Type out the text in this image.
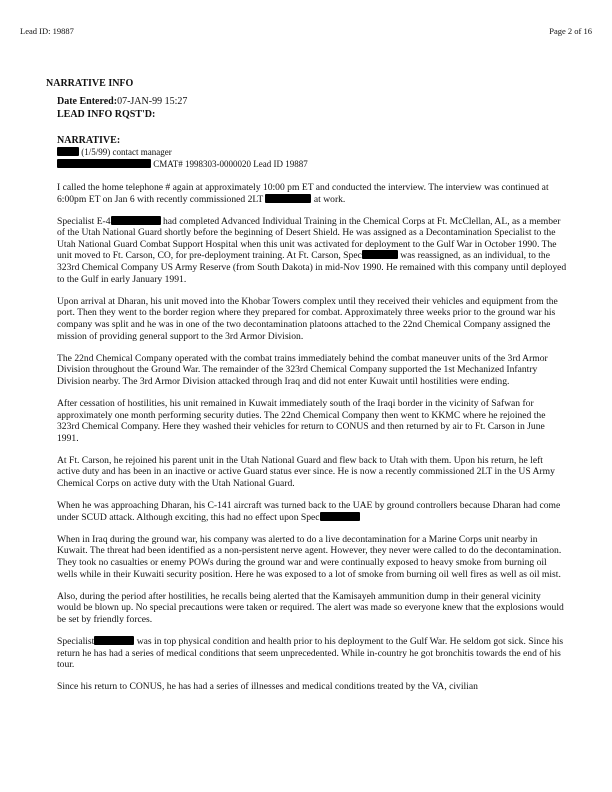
Lead ID: 19887	Page 2 of 16
NARRATIVE INFO
Date Entered:07-JAN-99 15:27
LEAD INFO RQST'D:
NARRATIVE:
(1/5/99) contact manager
CMAT# 1998303-0000020 Lead ID 19887

I called the home telephone # again at approximately 10:00 pm ET and conducted the interview. The interview was continued at 6:00pm ET on Jan 6 with recently commissioned 2LT	at work.

Specialist E-4	had completed Advanced Individual Training in the Chemical Corps at Ft. McClellan, AL, as a member of the Utah National Guard shortly before the beginning of Desert Shield. He was assigned as a Decontamination Specialist to the Utah National Guard Combat Support Hospital when this unit was activated for deployment to the Gulf War in October 1990. The unit moved to Ft. Carson, CO, for pre-deployment training. At Ft. Carson, Spec	was reassigned, as an individual, to the 323rd Chemical Company US Army Reserve (from South Dakota) in mid-Nov 1990. He remained with this company until deployed to the Gulf in early January 1991.

Upon arrival at Dharan, his unit moved into the Khobar Towers complex until they received their vehicles and equipment from the port. Then they went to the border region where they prepared for combat. Approximately three weeks prior to the ground war his company was split and he was in one of the two decontamination platoons attached to the 22nd Chemical Company assigned the mission of providing general support to the 3rd Armor Division.

The 22nd Chemical Company operated with the combat trains immediately behind the combat maneuver units of the 3rd Armor Division throughout the Ground War. The remainder of the 323rd Chemical Company supported the 1st Mechanized Infantry Division nearby. The 3rd Armor Division attacked through Iraq and did not enter Kuwait until hostilities were ending.

After cessation of hostilities, his unit remained in Kuwait immediately south of the Iraqi border in the vicinity of Safwan for approximately one month performing security duties. The 22nd Chemical Company then went to KKMC where he rejoined the 323rd Chemical Company. Here they washed their vehicles for return to CONUS and then returned by air to Ft. Carson in June 1991.

At Ft. Carson, he rejoined his parent unit in the Utah National Guard and flew back to Utah with them. Upon his return, he left active duty and has been in an inactive or active Guard status ever since. He is now a recently commissioned 2LT in the US Army Chemical Corps on active duty with the Utah National Guard.

When he was approaching Dharan, his C-141 aircraft was turned back to the UAE by ground controllers because Dharan had come under SCUD attack. Although exciting, this had no effect upon Spec

When in Iraq during the ground war, his company was alerted to do a live decontamination for a Marine Corps unit nearby in Kuwait. The threat had been identified as a non-persistent nerve agent. However, they never were called to do the decontamination. They took no casualties or enemy POWs during the ground war and were continually exposed to heavy smoke from burning oil wells while in their Kuwaiti security position. Here he was exposed to a lot of smoke from burning oil well fires as well as oil mist.

Also, during the period after hostilities, he recalls being alerted that the Kamisayeh ammunition dump in their general vicinity would be blown up. No special precautions were taken or required. The alert was made so everyone knew that the explosions would be set by friendly forces.

Specialist	was in top physical condition and health prior to his deployment to the Gulf War. He seldom got sick. Since his return he has had a series of medical conditions that seem unprecedented. While in-country he got bronchitis towards the end of his tour.

Since his return to CONUS, he has had a series of illnesses and medical conditions treated by the VA, civilian
